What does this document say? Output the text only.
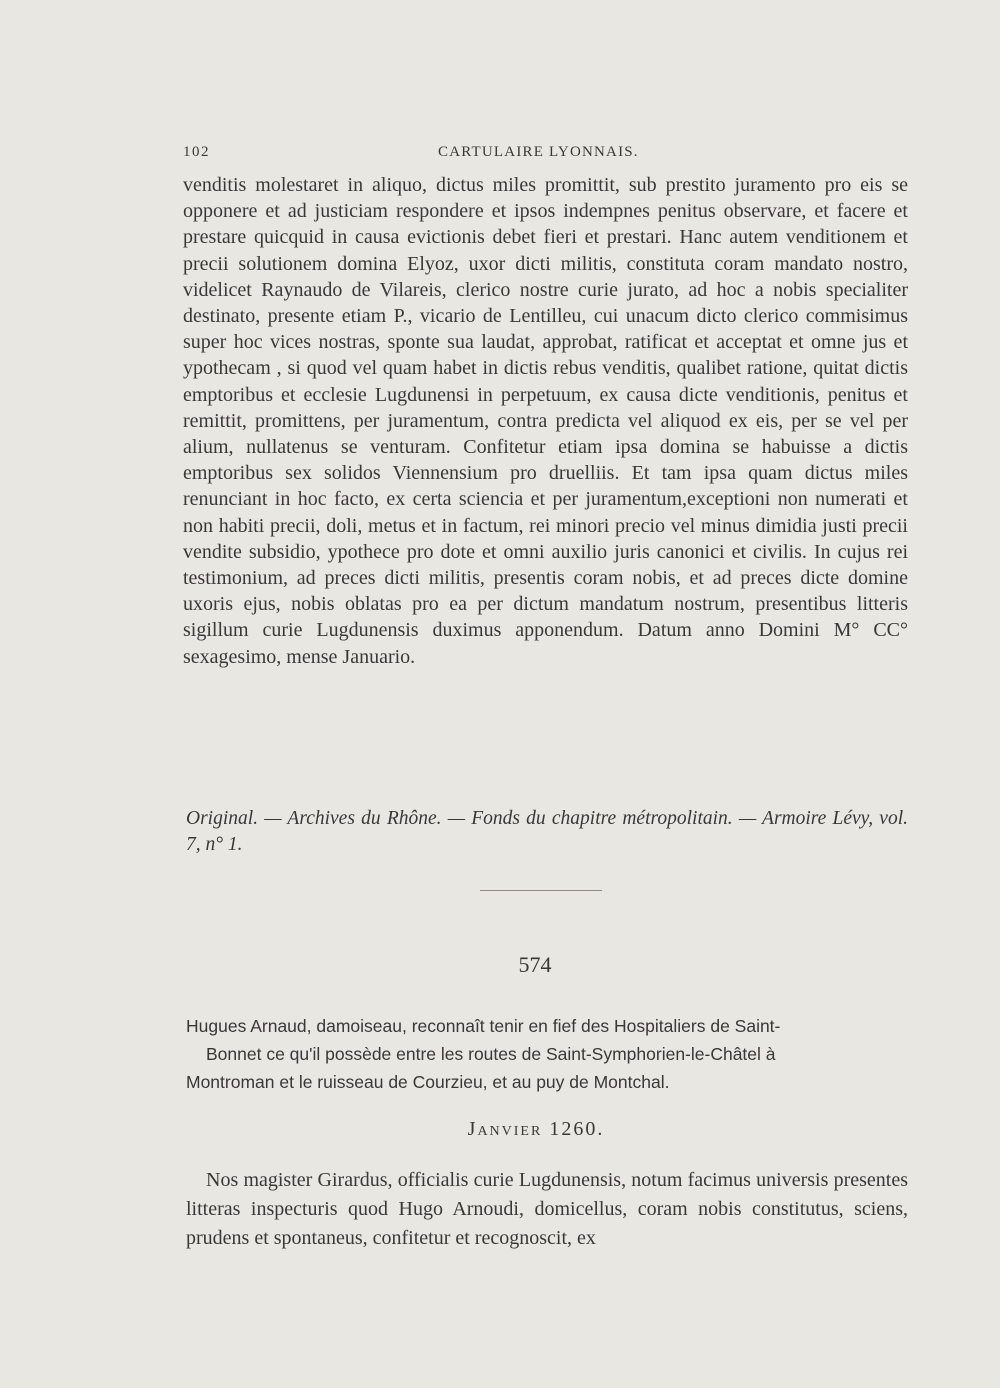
102	CARTULAIRE LYONNAIS.

venditis molestaret in aliquo, dictus miles promittit, sub prestito juramento pro eis se opponere et ad justiciam respondere et ipsos indempnes penitus observare, et facere et prestare quicquid in causa evictionis debet fieri et prestari. Hanc autem venditionem et precii solutionem domina Elyoz, uxor dicti militis, constituta coram mandato nostro, videlicet Raynaudo de Vilareis, clerico nostre curie jurato, ad hoc a nobis specialiter destinato, presente etiam P., vicario de Lentilleu, cui unacum dicto clerico commisimus super hoc vices nostras, sponte sua laudat, approbat, ratificat et acceptat et omne jus et ypothecam , si quod vel quam habet in dictis rebus venditis, qualibet ratione, quitat dictis emptoribus et ecclesie Lugdunensi in perpetuum, ex causa dicte venditionis, penitus et remittit, promittens, per juramentum, contra predicta vel aliquod ex eis, per se vel per alium, nullatenus se venturam. Confitetur etiam ipsa domina se habuisse a dictis emptoribus sex solidos Viennensium pro druelliis. Et tam ipsa quam dictus miles renunciant in hoc facto, ex certa sciencia et per juramentum,exceptioni non numerati et non habiti precii, doli, metus et in factum, rei minori precio vel minus dimidia justi precii vendite subsidio, ypothece pro dote et omni auxilio juris canonici et civilis. In cujus rei testimonium, ad preces dicti militis, presentis coram nobis, et ad preces dicte domine uxoris ejus, nobis oblatas pro ea per dictum mandatum nostrum, presentibus litteris sigillum curie Lugdunensis duximus apponendum. Datum anno Domini M° CC° sexagesimo, mense Januario.

Original. — Archives du Rhône. — Fonds du chapitre métropolitain. — Armoire Lévy, vol. 7, n° 1.

574

Hugues Arnaud, damoiseau, reconnaît tenir en fief des Hospitaliers de Saint-
Bonnet ce qu'il possède entre les routes de Saint-Symphorien-le-Châtel à
Montroman et le ruisseau de Courzieu, et au puy de Montchal.

Janvier 1260.

Nos magister Girardus, officialis curie Lugdunensis, notum facimus universis presentes litteras inspecturis quod Hugo Arnoudi, domicellus, coram nobis constitutus, sciens, prudens et spontaneus, confitetur et recognoscit, ex
